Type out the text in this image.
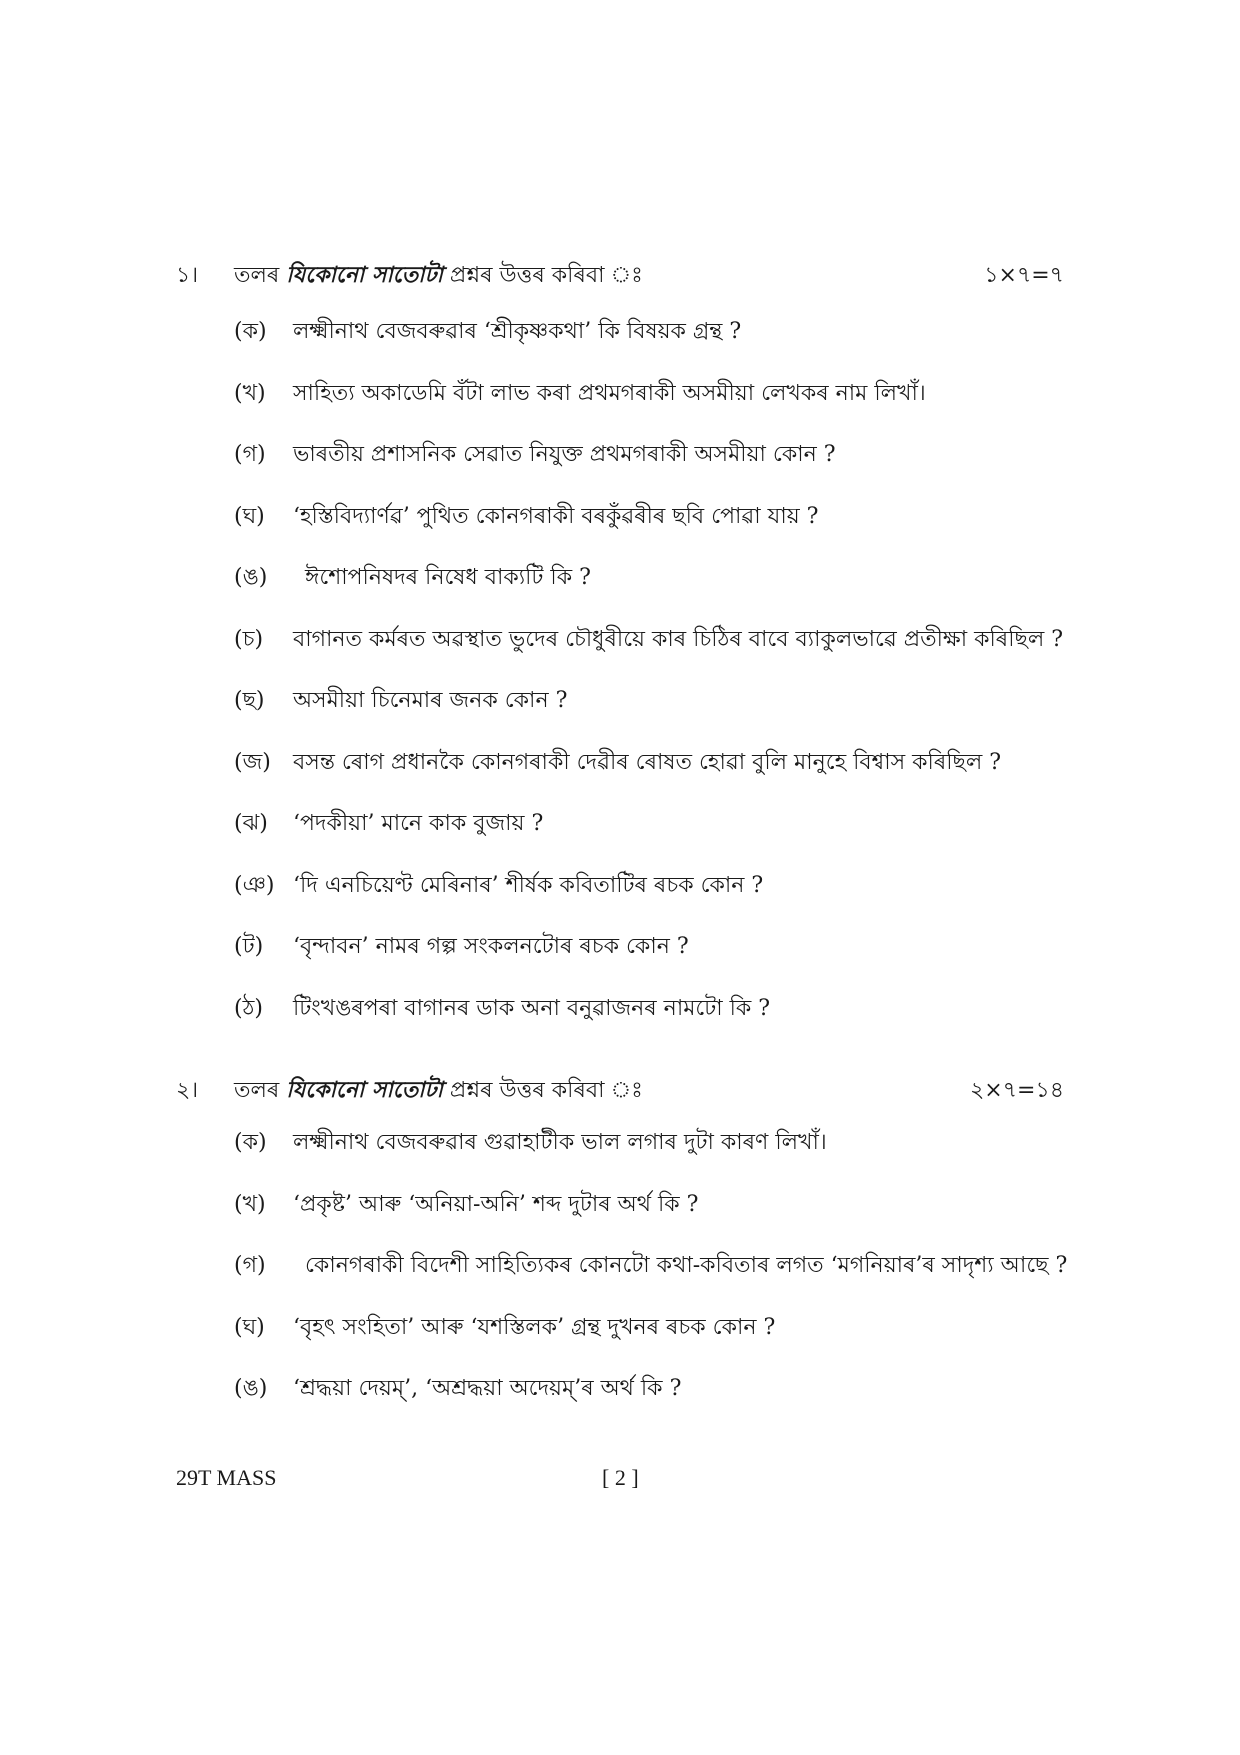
১। তলৰ যিকোনো সাতোটা প্ৰশ্নৰ উত্তৰ কৰিবা ঃ	১×৭=৭
(ক)	লক্ষ্মীনাথ বেজবৰুৱাৰ ‘শ্ৰীকৃষ্ণকথা’ কি বিষয়ক গ্ৰন্থ ?
(খ)	সাহিত্য অকাডেমি বঁটা লাভ কৰা প্ৰথমগৰাকী অসমীয়া লেখকৰ নাম লিখাঁ।
(গ)	ভাৰতীয় প্ৰশাসনিক সেৱাত নিযুক্ত প্ৰথমগৰাকী অসমীয়া কোন ?
(ঘ)	‘হস্তিবিদ্যাৰ্ণৱ’ পুথিত কোনগৰাকী বৰকুঁৱৰীৰ ছবি পোৱা যায় ?
(ঙ)	ঈশোপনিষদৰ নিষেধ বাক্যটি কি ?
(চ)	বাগানত কৰ্মৰত অৱস্থাত ভুদেৰ চৌধুৰীয়ে কাৰ চিঠিৰ বাবে ব্যাকুলভাৱে প্ৰতীক্ষা কৰিছিল ?
(ছ)	অসমীয়া চিনেমাৰ জনক কোন ?
(জ)	বসন্ত ৰোগ প্ৰধানকৈ কোনগৰাকী দেৱীৰ ৰোষত হোৱা বুলি মানুহে বিশ্বাস কৰিছিল ?
(ঝ)	‘পদকীয়া’ মানে কাক বুজায় ?
(ঞ) ‘দি এনচিয়েণ্ট মেৰিনাৰ’ শীৰ্ষক কবিতাটিৰ ৰচক কোন ?
(ট)	‘বৃন্দাবন’ নামৰ গল্প সংকলনটোৰ ৰচক কোন ?
(ঠ)	টিংখঙৰপৰা বাগানৰ ডাক অনা বনুৱাজনৰ নামটো কি ?
২। তলৰ যিকোনো সাতোটা প্ৰশ্নৰ উত্তৰ কৰিবা ঃ	২×৭=১৪
(ক)	লক্ষ্মীনাথ বেজবৰুৱাৰ গুৱাহাটীক ভাল লগাৰ দুটা কাৰণ লিখাঁ।
(খ)	‘প্ৰকৃষ্ট’ আৰু ‘অনিয়া-অনি’ শব্দ দুটাৰ অৰ্থ কি ?
(গ)	কোনগৰাকী বিদেশী সাহিত্যিকৰ কোনটো কথা-কবিতাৰ লগত ‘মগনিয়াৰ’ৰ সাদৃশ্য আছে ?
(ঘ)	‘বৃহৎ সংহিতা’ আৰু ‘যশস্তিলক’ গ্ৰন্থ দুখনৰ ৰচক কোন ?
(ঙ)	‘শ্ৰদ্ধয়া দেয়ম্’, ‘অশ্ৰদ্ধয়া অদেয়ম্’ৰ অৰ্থ কি ?
29T MASS	[ 2 ]
